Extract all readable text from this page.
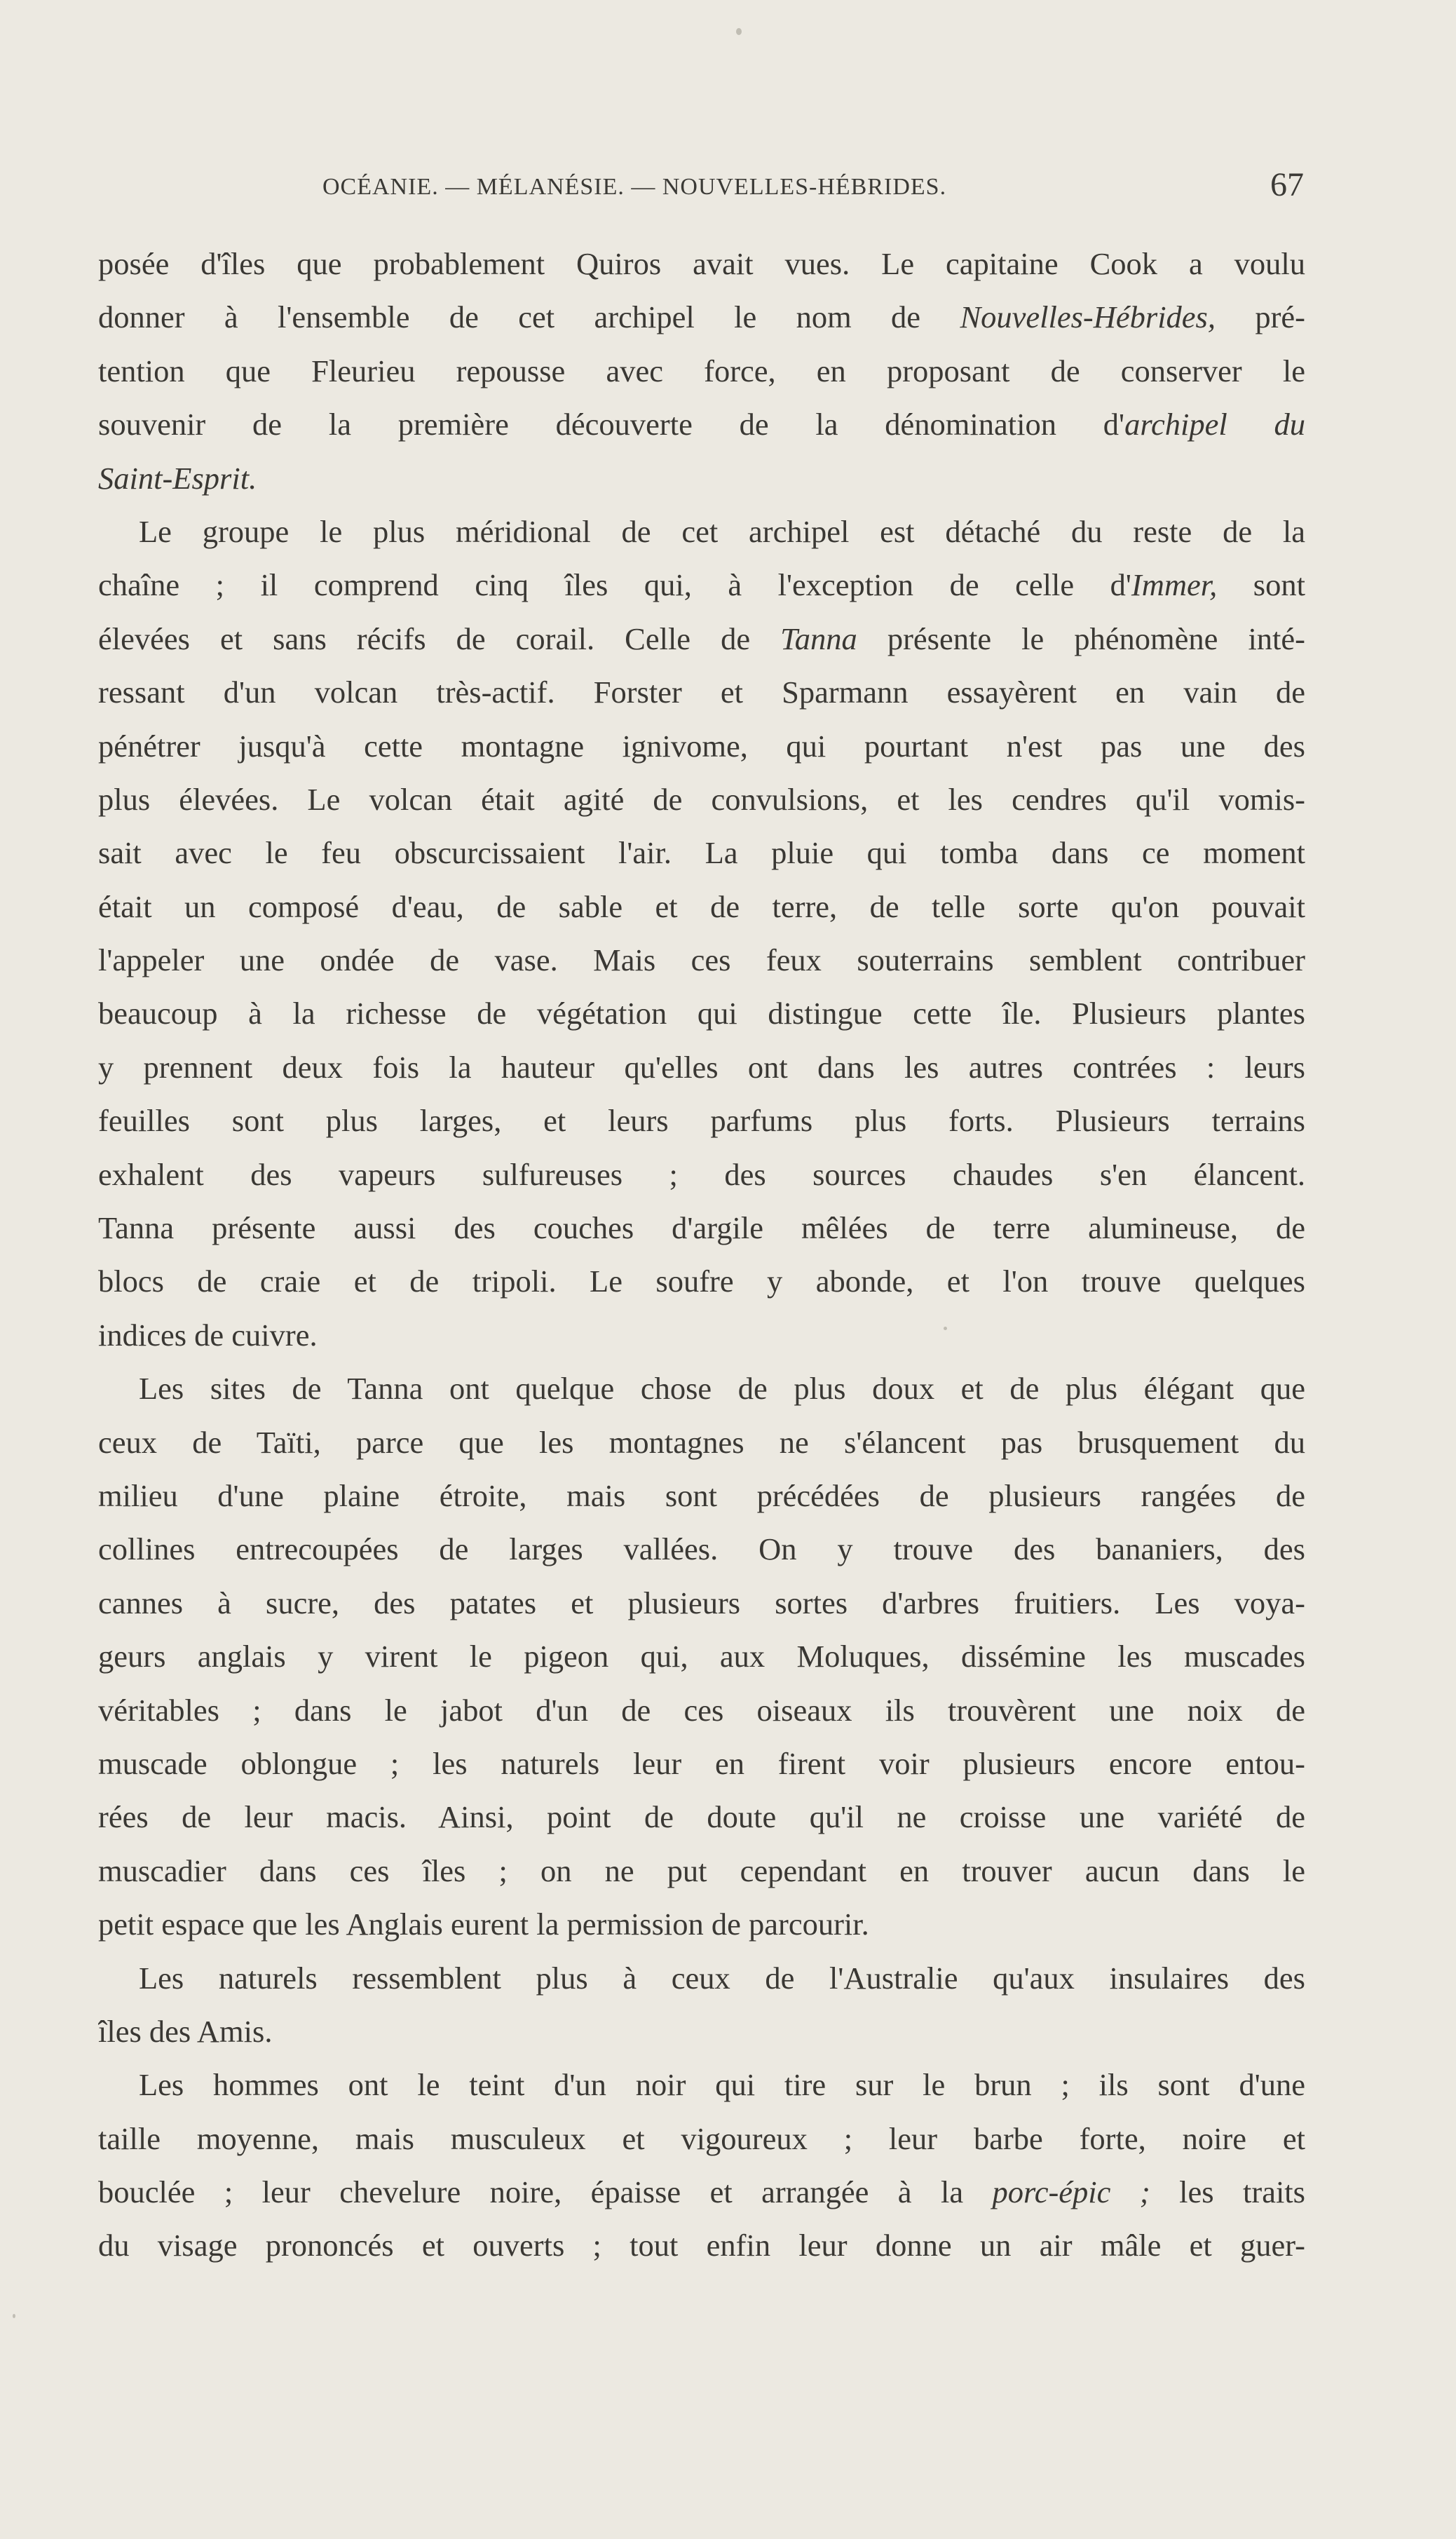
OCÉANIE. — MÉLANÉSIE. — NOUVELLES-HÉBRIDES.	67
posée d'îles que probablement Quiros avait vues. Le capitaine Cook a voulu
donner à l'ensemble de cet archipel le nom de Nouvelles-Hébrides, pré-
tention que Fleurieu repousse avec force, en proposant de conserver le
souvenir de la première découverte de la dénomination d'archipel du
Saint-Esprit.
Le groupe le plus méridional de cet archipel est détaché du reste de la
chaîne ; il comprend cinq îles qui, à l'exception de celle d'Immer, sont
élevées et sans récifs de corail. Celle de Tanna présente le phénomène inté-
ressant d'un volcan très-actif. Forster et Sparmann essayèrent en vain de
pénétrer jusqu'à cette montagne ignivome, qui pourtant n'est pas une des
plus élevées. Le volcan était agité de convulsions, et les cendres qu'il vomis-
sait avec le feu obscurcissaient l'air. La pluie qui tomba dans ce moment
était un composé d'eau, de sable et de terre, de telle sorte qu'on pouvait
l'appeler une ondée de vase. Mais ces feux souterrains semblent contribuer
beaucoup à la richesse de végétation qui distingue cette île. Plusieurs plantes
y prennent deux fois la hauteur qu'elles ont dans les autres contrées : leurs
feuilles sont plus larges, et leurs parfums plus forts. Plusieurs terrains
exhalent des vapeurs sulfureuses ; des sources chaudes s'en élancent.
Tanna présente aussi des couches d'argile mêlées de terre alumineuse, de
blocs de craie et de tripoli. Le soufre y abonde, et l'on trouve quelques
indices de cuivre.
Les sites de Tanna ont quelque chose de plus doux et de plus élégant que
ceux de Taïti, parce que les montagnes ne s'élancent pas brusquement du
milieu d'une plaine étroite, mais sont précédées de plusieurs rangées de
collines entrecoupées de larges vallées. On y trouve des bananiers, des
cannes à sucre, des patates et plusieurs sortes d'arbres fruitiers. Les voya-
geurs anglais y virent le pigeon qui, aux Moluques, dissémine les muscades
véritables ; dans le jabot d'un de ces oiseaux ils trouvèrent une noix de
muscade oblongue ; les naturels leur en firent voir plusieurs encore entou-
rées de leur macis. Ainsi, point de doute qu'il ne croisse une variété de
muscadier dans ces îles ; on ne put cependant en trouver aucun dans le
petit espace que les Anglais eurent la permission de parcourir.
Les naturels ressemblent plus à ceux de l'Australie qu'aux insulaires des
îles des Amis.
Les hommes ont le teint d'un noir qui tire sur le brun ; ils sont d'une
taille moyenne, mais musculeux et vigoureux ; leur barbe forte, noire et
bouclée ; leur chevelure noire, épaisse et arrangée à la porc-épic ; les traits
du visage prononcés et ouverts ; tout enfin leur donne un air mâle et guer-
